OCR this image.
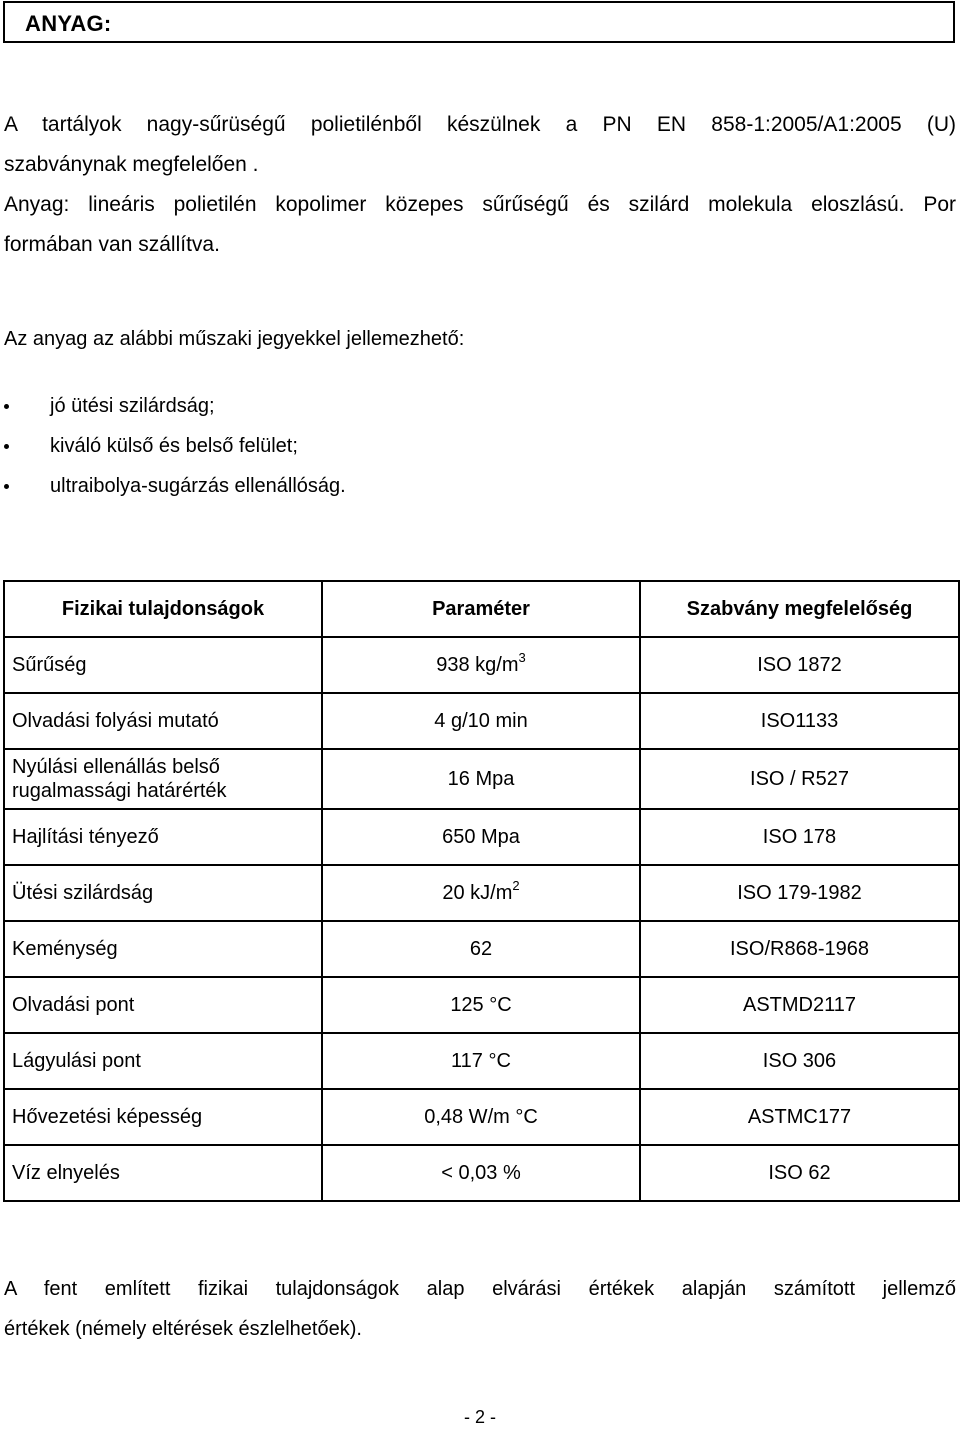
ANYAG:

A tartályok nagy-sűrüségű polietilénből készülnek a PN EN 858-1:2005/A1:2005 (U)

szabványnak megfelelően .

Anyag: lineáris polietilén kopolimer közepes sűrűségű és szilárd molekula eloszlású. Por

formában van szállítva.

Az anyag az alábbi műszaki jegyekkel jellemezhető:

jó ütési szilárdság;
kiváló külső és belső felület;
ultraibolya-sugárzás ellenállóság.
Fizikai tulajdonságok	Paraméter	Szabvány megfelelőség
Sűrűség	938 $kg/m^3$	ISO 1872
Olvadási folyási mutató	4 g/10 min	ISO1133
Nyúlási ellenállás belső
rugalmassági határérték	16 Mpa	ISO / R527
Hajlítási tényező	650 Mpa	ISO 178
Ütési szilárdság	20 $kJ/m^2$	ISO 179-1982
Keménység	62	ISO/R868-1968
Olvadási pont	125 °C	ASTMD2117
Lágyulási pont	117 °C	ISO 306
Hővezetési képesség	0,48 W/m °C	ASTMC177
Víz elnyelés	< 0,03 %	ISO 62

A fent említett fizikai tulajdonságok alap elvárási értékek alapján számított jellemző

értékek (némely eltérések észlelhetőek).

- 2 -
